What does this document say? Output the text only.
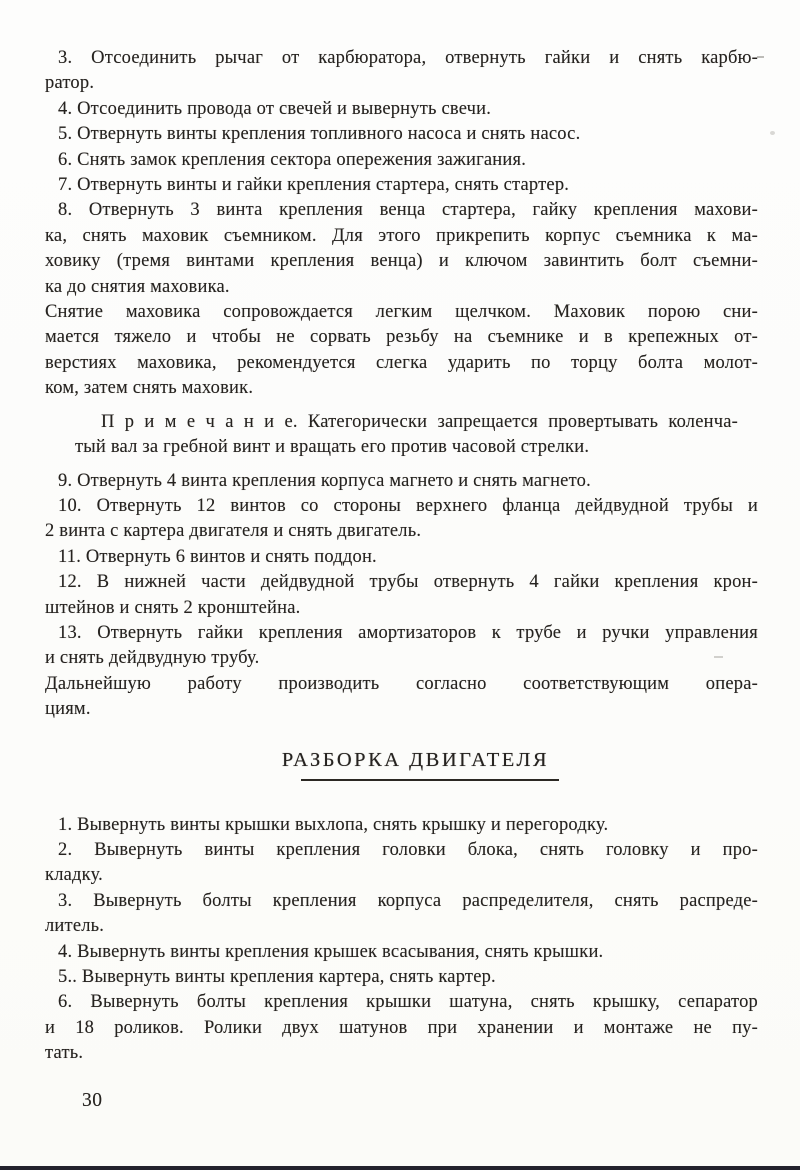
3. Отсоединить рычаг от карбюратора, отвернуть гайки и снять карбю-
ратор.

4. Отсоединить провода от свечей и вывернуть свечи.

5. Отвернуть винты крепления топливного насоса и снять насос.

6. Снять замок крепления сектора опережения зажигания.

7. Отвернуть винты и гайки крепления стартера, снять стартер.

8. Отвернуть 3 винта крепления венца стартера, гайку крепления махови-
ка, снять маховик съемником. Для этого прикрепить корпус съемника к ма-
ховику (тремя винтами крепления венца) и ключом завинтить болт съемни-
ка до снятия маховика.

Снятие маховика сопровождается легким щелчком. Маховик порою сни-
мается тяжело и чтобы не сорвать резьбу на съемнике и в крепежных от-
верстиях маховика, рекомендуется слегка ударить по торцу болта молот-
ком, затем снять маховик.

П р и м е ч а н и е. Категорически запрещается провертывать коленча-
тый вал за гребной винт и вращать его против часовой стрелки.

9. Отвернуть 4 винта крепления корпуса магнето и снять магнето.

10. Отвернуть 12 винтов со стороны верхнего фланца дейдвудной трубы и
2 винта с картера двигателя и снять двигатель.

11. Отвернуть 6 винтов и снять поддон.

12. В нижней части дейдвудной трубы отвернуть 4 гайки крепления крон-
штейнов и снять 2 кронштейна.

13. Отвернуть гайки крепления амортизаторов к трубе и ручки управления
и снять дейдвудную трубу.

Дальнейшую работу производить согласно соответствующим опера-
циям.

РАЗБОРКА ДВИГАТЕЛЯ

1. Вывернуть винты крышки выхлопа, снять крышку и перегородку.

2. Вывернуть винты крепления головки блока, снять головку и про-
кладку.

3. Вывернуть болты крепления корпуса распределителя, снять распреде-
литель.

4. Вывернуть винты крепления крышек всасывания, снять крышки.

5.. Вывернуть винты крепления картера, снять картер.

6. Вывернуть болты крепления крышки шатуна, снять крышку, сепаратор
и 18 роликов. Ролики двух шатунов при хранении и монтаже не пу-
тать.

30
